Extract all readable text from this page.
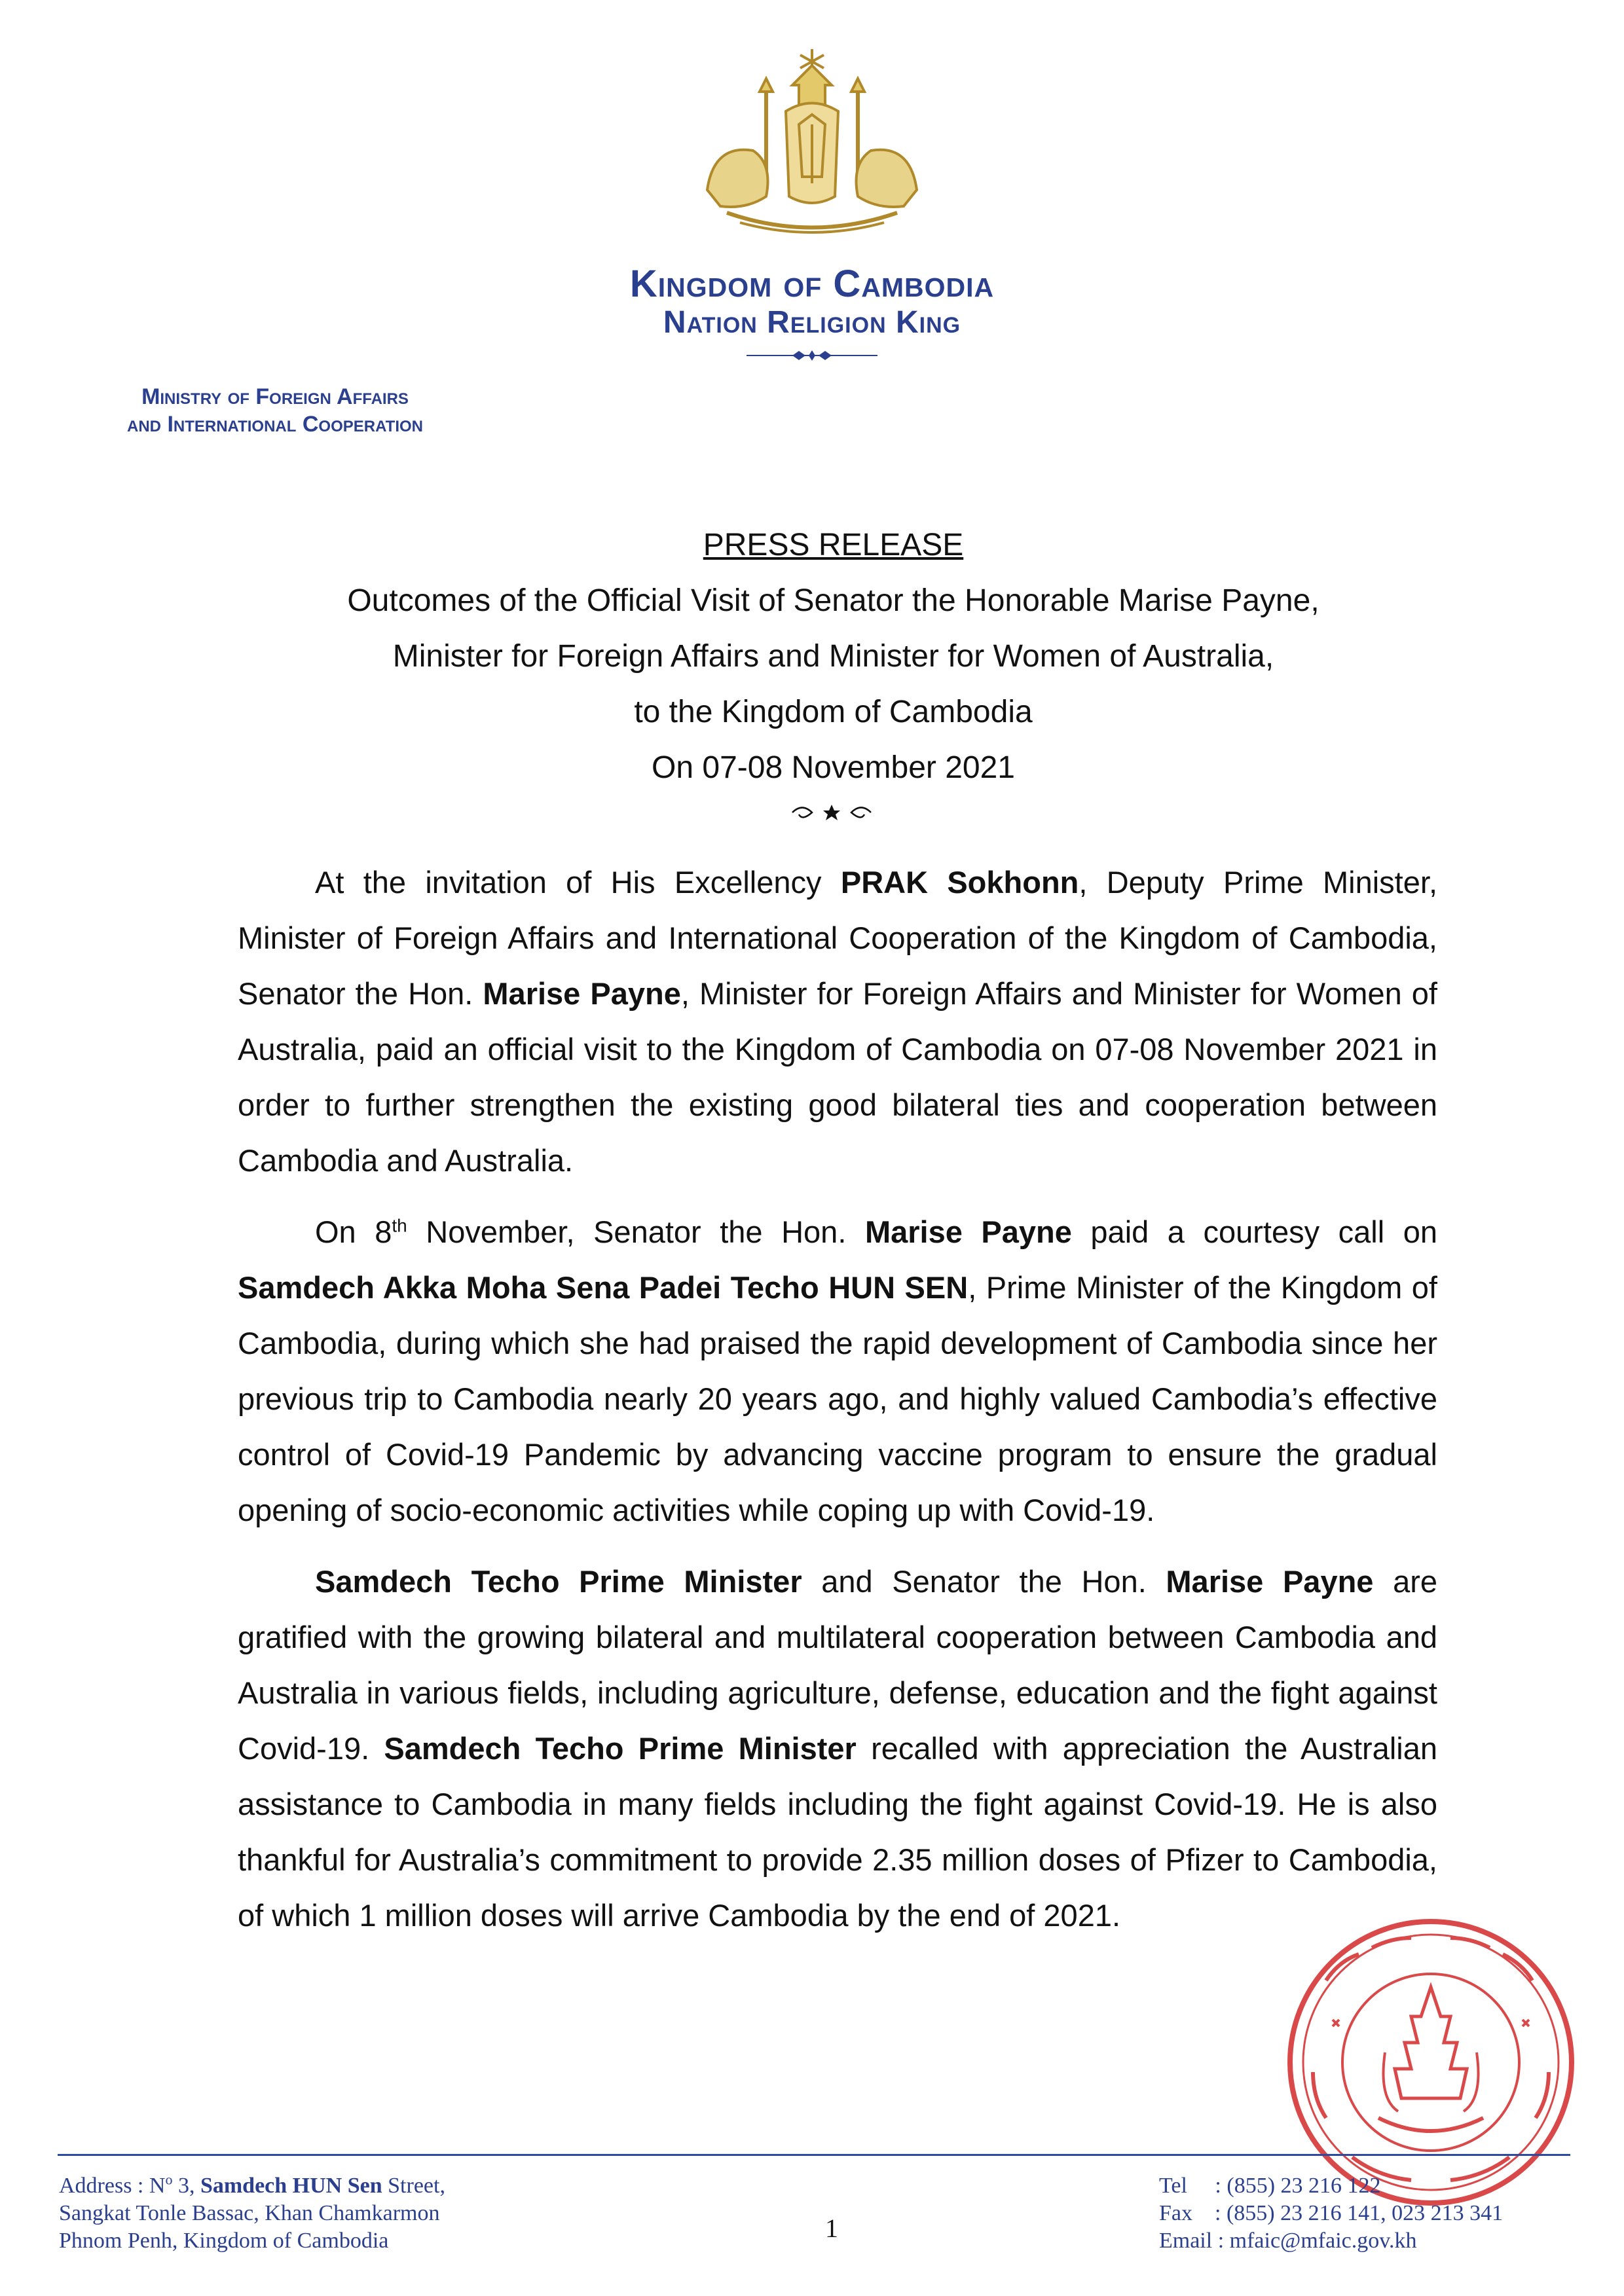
Kingdom of Cambodia
Nation Religion King
Ministry of Foreign Affairs
and International Cooperation
PRESS RELEASE
Outcomes of the Official Visit of Senator the Honorable Marise Payne,
Minister for Foreign Affairs and Minister for Women of Australia,
to the Kingdom of Cambodia
On 07-08 November 2021

At the invitation of His Excellency PRAK Sokhonn, Deputy Prime Minister, Minister of Foreign Affairs and International Cooperation of the Kingdom of Cambodia, Senator the Hon. Marise Payne, Minister for Foreign Affairs and Minister for Women of Australia, paid an official visit to the Kingdom of Cambodia on 07-08 November 2021 in order to further strengthen the existing good bilateral ties and cooperation between Cambodia and Australia.

On 8th November, Senator the Hon. Marise Payne paid a courtesy call on Samdech Akka Moha Sena Padei Techo HUN SEN, Prime Minister of the Kingdom of Cambodia, during which she had praised the rapid development of Cambodia since her previous trip to Cambodia nearly 20 years ago, and highly valued Cambodia’s effective control of Covid-19 Pandemic by advancing vaccine program to ensure the gradual opening of socio-economic activities while coping up with Covid-19.

Samdech Techo Prime Minister and Senator the Hon. Marise Payne are gratified with the growing bilateral and multilateral cooperation between Cambodia and Australia in various fields, including agriculture, defense, education and the fight against Covid-19. Samdech Techo Prime Minister recalled with appreciation the Australian assistance to Cambodia in many fields including the fight against Covid-19. He is also thankful for Australia’s commitment to provide 2.35 million doses of Pfizer to Cambodia, of which 1 million doses will arrive Cambodia by the end of 2021.

Address : $N^o$ 3, Samdech HUN Sen Street,
Sangkat Tonle Bassac, Khan Chamkarmon
Phnom Penh, Kingdom of Cambodia	1
Tel     : (855) 23 216 122
Fax    : (855) 23 216 141, 023 213 341
Email : mfaic@mfaic.gov.kh
